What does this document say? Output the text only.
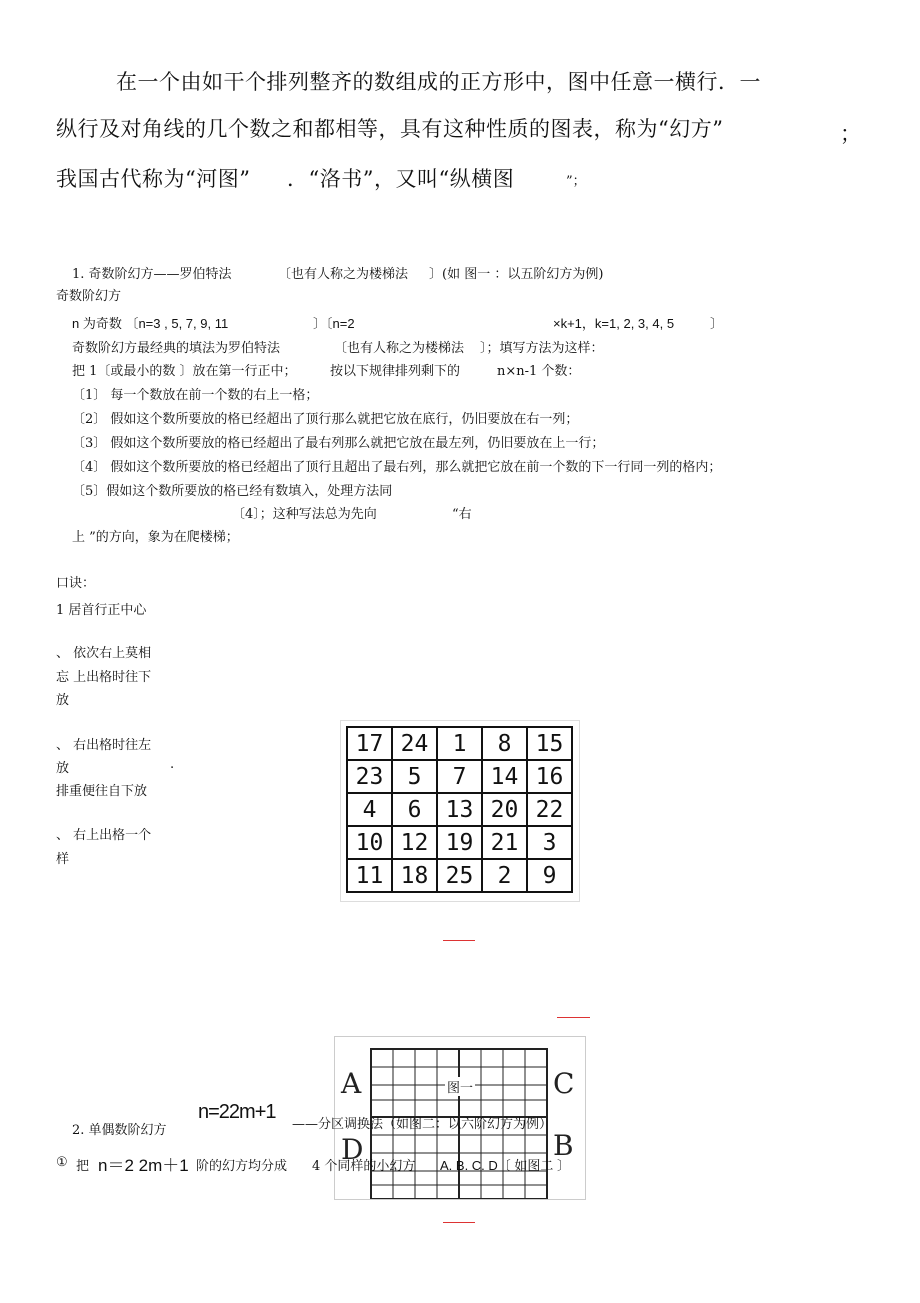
在一个由如干个排列整齐的数组成的正方形中，图中任意一横行．一
纵行及对角线的几个数之和都相等，具有这种性质的图表，称为“幻方”	；
我国古代称为“河图” ．“洛书”，又叫“纵横图	”；
1. 奇数阶幻方——罗伯特法	〔也有人称之为楼梯法 〕(如 图一 ：以五阶幻方为例)
奇数阶幻方
n 为奇数 〔n=3 , 5, 7, 9, 11	〕〔n=2	×k+1，k=1, 2, 3, 4, 5	〕
奇数阶幻方最经典的填法为罗伯特法	〔也有人称之为楼梯法 〕；填写方法为这样：
把 1〔或最小的数 〕放在第一行正中；	按以下规律排列剩下的	n×n-1 个数：
〔1〕 每一个数放在前一个数的右上一格；
〔2〕 假如这个数所要放的格已经超出了顶行那么就把它放在底行，仍旧要放在右一列；
〔3〕 假如这个数所要放的格已经超出了最右列那么就把它放在最左列，仍旧要放在上一行；
〔4〕 假如这个数所要放的格已经超出了顶行且超出了最右列，那么就把它放在前一个数的下一行同一列的格内；
〔5〕假如这个数所要放的格已经有数填入，处理方法同
〔4〕；这种写法总为先向	“右
上 ”的方向，象为在爬楼梯；
口诀：
1 居首行正中心
、 依次右上莫相
忘 上出格时往下
放
、 右出格时往左
放	.
排重便往自下放
、 右上出格一个
样
17	24	1	8	15
23	5	7	14	16
4	6	13	20	22
10	12	19	21	3
11	18	25	2	9
A	C
D	B
图一
2. 单偶数阶幻方
n=22m+1
——分区调换法（如图二：以六阶幻方为例）
① 把 n＝2 2m＋1 阶的幻方均分成 4 个同样的小幻方 A. B. C. D〔 如图二 〕
